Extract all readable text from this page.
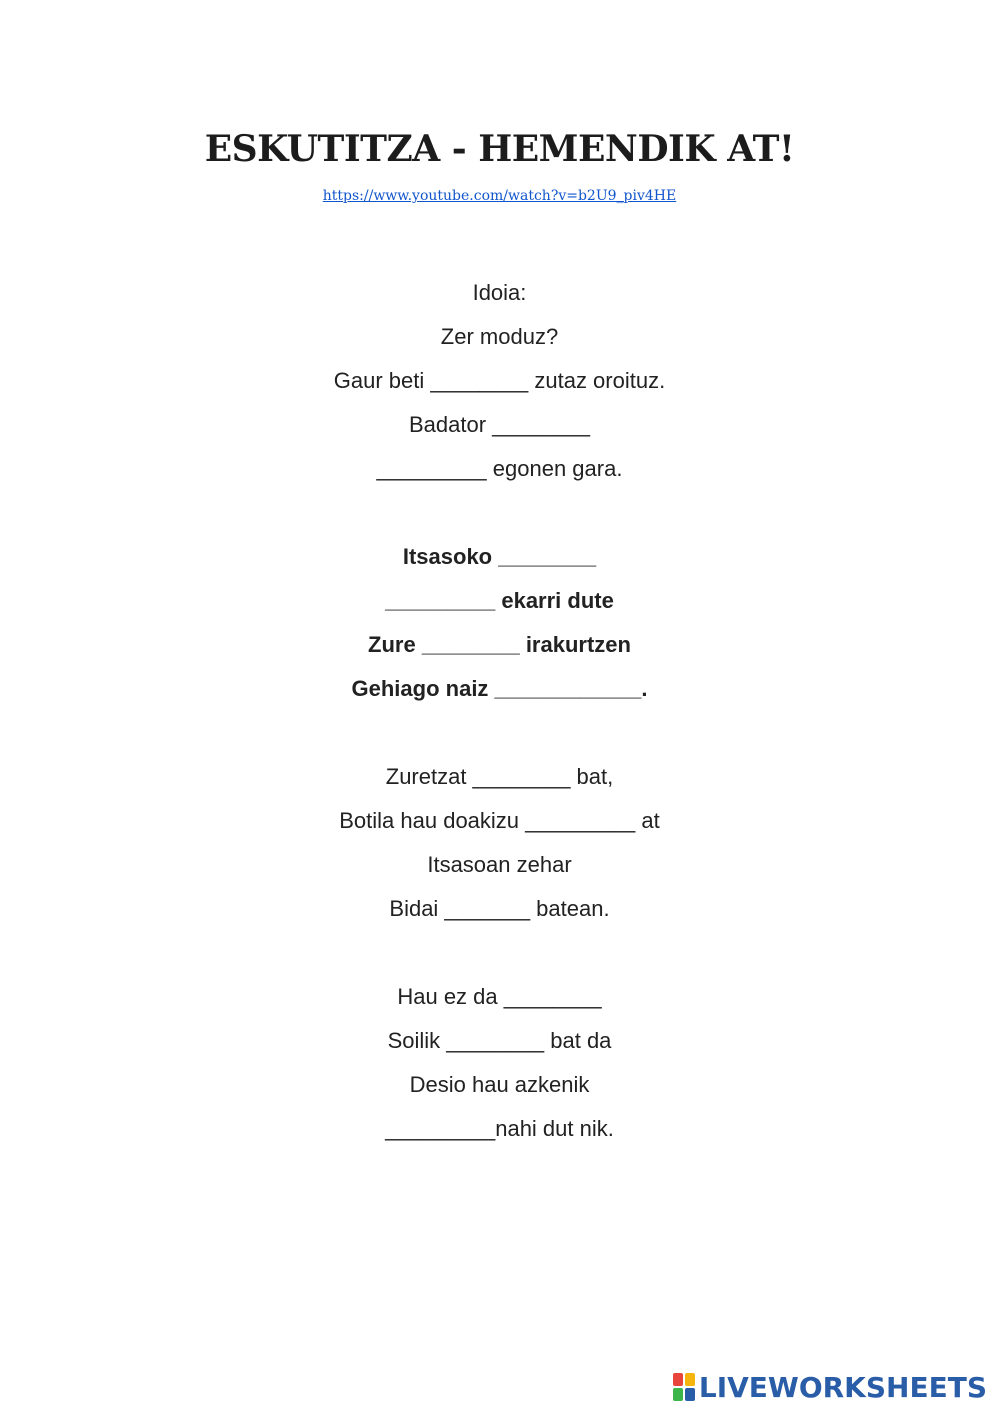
ESKUTITZA - HEMENDIK AT!
https://www.youtube.com/watch?v=b2U9_piv4HE
Idoia:
Zer moduz?
Gaur beti ________ zutaz oroituz.
Badator ________
_________ egonen gara.
Itsasoko ________
_________ ekarri dute
Zure ________ irakurtzen
Gehiago naiz ____________.
Zuretzat ________ bat,
Botila hau doakizu _________ at
Itsasoan zehar
Bidai _______ batean.
Hau ez da ________
Soilik ________ bat da
Desio hau azkenik
_________nahi dut nik.
LIVEWORKSHEETS
